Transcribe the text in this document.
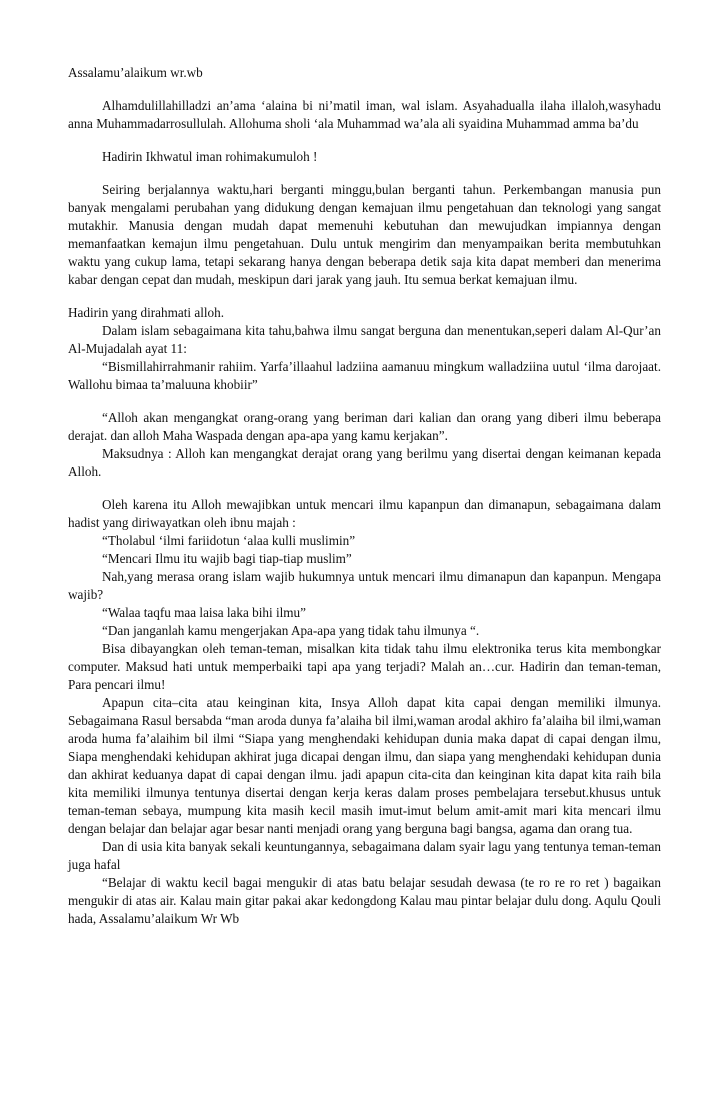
Assalamu’alaikum wr.wb

Alhamdulillahilladzi an’ama ‘alaina bi ni’matil iman, wal islam. Asyahadualla ilaha illaloh,wasyhadu anna Muhammadarrosullulah. Allohuma sholi ‘ala Muhammad wa’ala ali syaidina Muhammad amma ba’du

Hadirin Ikhwatul iman rohimakumuloh !

Seiring berjalannya waktu,hari berganti minggu,bulan berganti tahun. Perkembangan manusia pun banyak mengalami perubahan yang didukung dengan kemajuan ilmu pengetahuan dan teknologi yang sangat mutakhir. Manusia dengan mudah dapat memenuhi kebutuhan dan mewujudkan impiannya dengan memanfaatkan kemajun ilmu pengetahuan. Dulu untuk mengirim dan menyampaikan berita membutuhkan waktu yang cukup lama, tetapi sekarang hanya dengan beberapa detik saja kita dapat memberi dan menerima kabar dengan cepat dan mudah, meskipun dari jarak yang jauh. Itu semua berkat kemajuan ilmu.

Hadirin yang dirahmati alloh.

Dalam islam sebagaimana kita tahu,bahwa ilmu sangat berguna dan menentukan,seperi dalam Al-Qur’an Al-Mujadalah ayat 11:

“Bismillahirrahmanir rahiim. Yarfa’illaahul ladziina aamanuu mingkum walladziina uutul ‘ilma darojaat. Wallohu bimaa ta’maluuna khobiir”

“Alloh akan mengangkat orang-orang yang beriman dari kalian dan orang yang diberi ilmu beberapa derajat. dan alloh Maha Waspada dengan apa-apa yang kamu kerjakan”.

Maksudnya : Alloh kan mengangkat derajat orang yang berilmu yang disertai dengan keimanan kepada Alloh.

Oleh karena itu Alloh mewajibkan untuk mencari ilmu kapanpun dan dimanapun, sebagaimana dalam hadist yang diriwayatkan oleh ibnu majah :

“Tholabul ‘ilmi fariidotun ‘alaa kulli muslimin”

“Mencari Ilmu itu wajib bagi tiap-tiap muslim”

Nah,yang merasa orang islam wajib hukumnya untuk mencari ilmu dimanapun dan kapanpun. Mengapa wajib?

“Walaa taqfu maa laisa laka bihi ilmu”

“Dan janganlah kamu mengerjakan Apa-apa yang tidak tahu ilmunya “.

Bisa dibayangkan oleh teman-teman, misalkan kita tidak tahu ilmu elektronika terus kita membongkar computer. Maksud hati untuk memperbaiki tapi apa yang terjadi? Malah an…cur. Hadirin dan teman-teman, Para pencari ilmu!

Apapun cita–cita atau keinginan kita, Insya Alloh dapat kita capai dengan memiliki ilmunya. Sebagaimana Rasul bersabda “man aroda dunya fa’alaiha bil ilmi,waman arodal akhiro fa’alaiha bil ilmi,waman aroda huma fa’alaihim bil ilmi “Siapa yang menghendaki kehidupan dunia maka dapat di capai dengan ilmu, Siapa menghendaki kehidupan akhirat juga dicapai dengan ilmu, dan siapa yang menghendaki kehidupan dunia dan akhirat keduanya dapat di capai dengan ilmu. jadi apapun cita-cita dan keinginan kita dapat kita raih bila kita memiliki ilmunya tentunya disertai dengan kerja keras dalam proses pembelajara tersebut.khusus untuk teman-teman sebaya, mumpung kita masih kecil masih imut-imut belum amit-amit mari kita mencari ilmu dengan belajar dan belajar agar besar nanti menjadi orang yang berguna bagi bangsa, agama dan orang tua.

Dan di usia kita banyak sekali keuntungannya, sebagaimana dalam syair lagu yang tentunya teman-teman juga hafal

“Belajar di waktu kecil bagai mengukir di atas batu belajar sesudah dewasa (te ro re ro ret ) bagaikan mengukir di atas air. Kalau main gitar pakai akar kedongdong Kalau mau pintar belajar dulu dong. Aqulu Qouli hada, Assalamu’alaikum Wr Wb
